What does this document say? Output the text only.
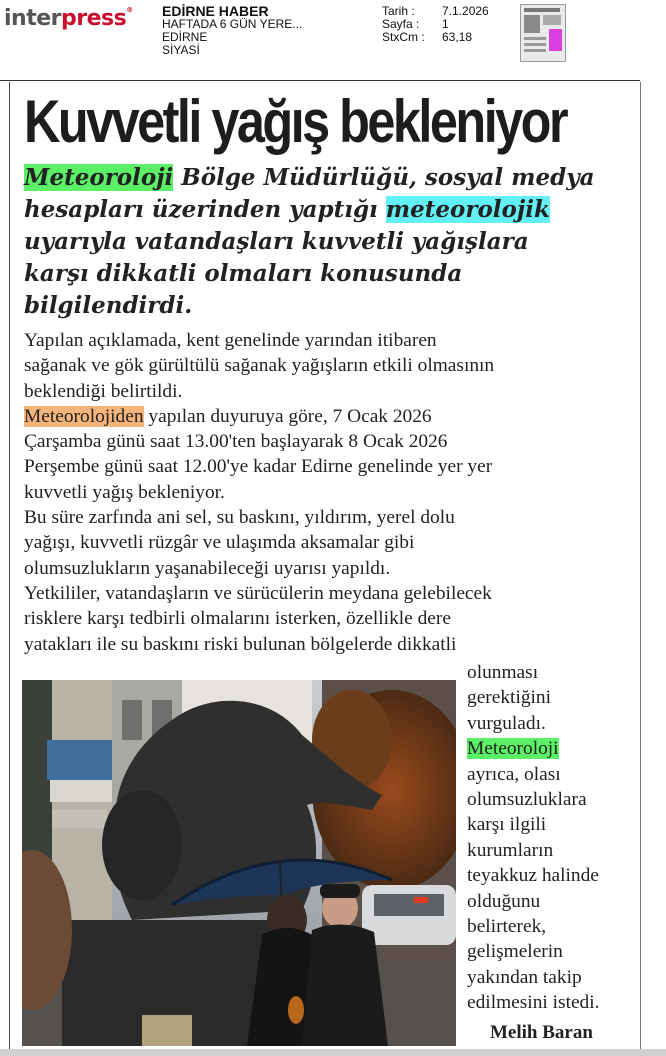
interpress® EDİRNE HABER
HAFTADA 6 GÜN YERE...
EDİRNE
SİYASİ
Tarih :	7.1.2026
Sayfa :	1
StxCm :	63,18
Kuvvetli yağış bekleniyor

Meteoroloji Bölge Müdürlüğü, sosyal medya
hesapları üzerinden yaptığı meteorolojik
uyarıyla vatandaşları kuvvetli yağışlara
karşı dikkatli olmaları konusunda
bilgilendirdi.

Yapılan açıklamada, kent genelinde yarından itibaren
sağanak ve gök gürültülü sağanak yağışların etkili olmasının
beklendiği belirtildi.
Meteorolojiden yapılan duyuruya göre, 7 Ocak 2026
Çarşamba günü saat 13.00'ten başlayarak 8 Ocak 2026
Perşembe günü saat 12.00'ye kadar Edirne genelinde yer yer
kuvvetli yağış bekleniyor.
Bu süre zarfında ani sel, su baskını, yıldırım, yerel dolu
yağışı, kuvvetli rüzgâr ve ulaşımda aksamalar gibi
olumsuzlukların yaşanabileceği uyarısı yapıldı.
Yetkililer, vatandaşların ve sürücülerin meydana gelebilecek
risklere karşı tedbirli olmalarını isterken, özellikle dere
yatakları ile su baskını riski bulunan bölgelerde dikkatli

olunması
gerektiğini
vurguladı.
Meteoroloji
ayrıca, olası
olumsuzluklara
karşı ilgili
kurumların
teyakkuz halinde
olduğunu
belirterek,
gelişmelerin
yakından takip
edilmesini istedi.

Melih Baran
